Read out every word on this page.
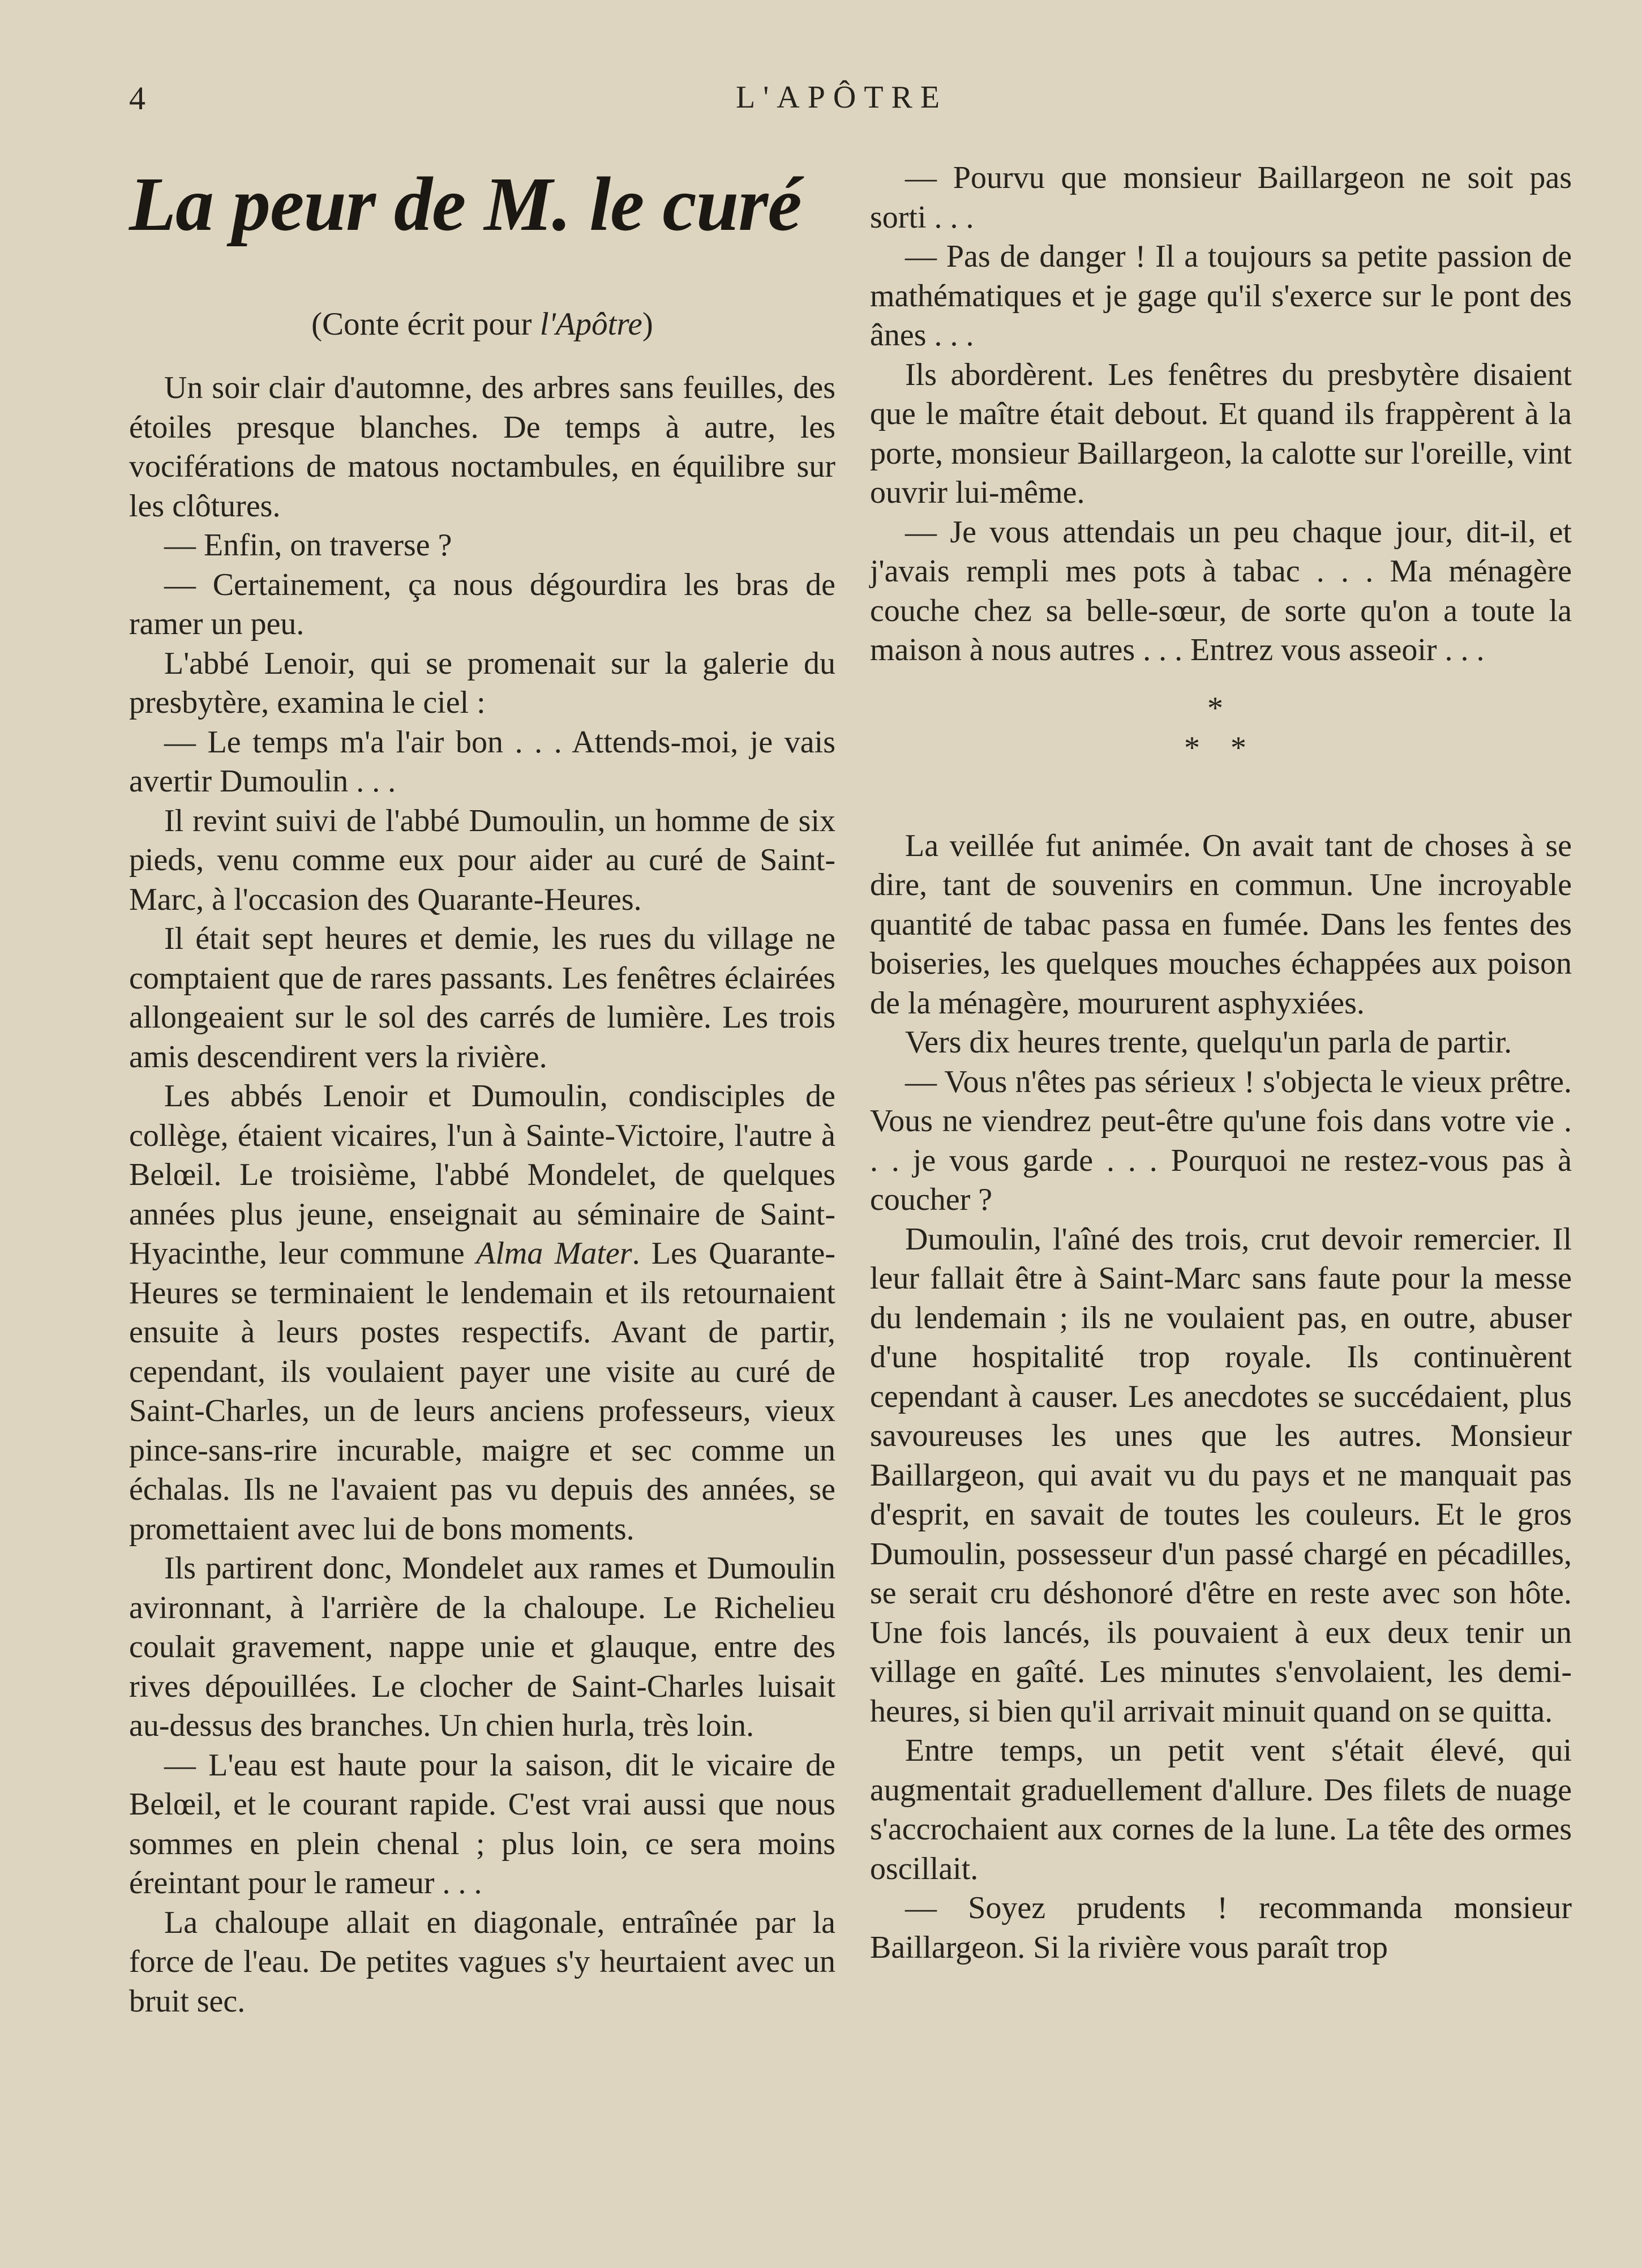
4	L'APÔTRE
La peur de M. le curé
(Conte écrit pour l'Apôtre)

Un soir clair d'automne, des arbres sans feuilles, des étoiles presque blanches. De temps à autre, les vociférations de matous noctambules, en équilibre sur les clôtures.

— Enfin, on traverse ?

— Certainement, ça nous dégourdira les bras de ramer un peu.

L'abbé Lenoir, qui se promenait sur la galerie du presbytère, examina le ciel :

— Le temps m'a l'air bon . . . Attends-moi, je vais avertir Dumoulin . . .

Il revint suivi de l'abbé Dumoulin, un homme de six pieds, venu comme eux pour aider au curé de Saint-Marc, à l'occasion des Quarante-Heures.

Il était sept heures et demie, les rues du village ne comptaient que de rares passants. Les fenêtres éclairées allongeaient sur le sol des carrés de lumière. Les trois amis descendirent vers la rivière.

Les abbés Lenoir et Dumoulin, condisciples de collège, étaient vicaires, l'un à Sainte-Victoire, l'autre à Belœil. Le troisième, l'abbé Mondelet, de quelques années plus jeune, enseignait au séminaire de Saint-Hyacinthe, leur commune Alma Mater. Les Quarante-Heures se terminaient le lendemain et ils retournaient ensuite à leurs postes respectifs. Avant de partir, cependant, ils voulaient payer une visite au curé de Saint-Charles, un de leurs anciens professeurs, vieux pince-sans-rire incurable, maigre et sec comme un échalas. Ils ne l'avaient pas vu depuis des années, se promettaient avec lui de bons moments.

Ils partirent donc, Mondelet aux rames et Dumoulin avironnant, à l'arrière de la chaloupe. Le Richelieu coulait gravement, nappe unie et glauque, entre des rives dépouillées. Le clocher de Saint-Charles luisait au-dessus des branches. Un chien hurla, très loin.

— L'eau est haute pour la saison, dit le vicaire de Belœil, et le courant rapide. C'est vrai aussi que nous sommes en plein chenal ; plus loin, ce sera moins éreintant pour le rameur . . .

La chaloupe allait en diagonale, entraînée par la force de l'eau. De petites vagues s'y heurtaient avec un bruit sec.

— Pourvu que monsieur Baillargeon ne soit pas sorti . . .

— Pas de danger ! Il a toujours sa petite passion de mathématiques et je gage qu'il s'exerce sur le pont des ânes . . .

Ils abordèrent. Les fenêtres du presbytère disaient que le maître était debout. Et quand ils frappèrent à la porte, monsieur Baillargeon, la calotte sur l'oreille, vint ouvrir lui-même.

— Je vous attendais un peu chaque jour, dit-il, et j'avais rempli mes pots à tabac . . . Ma ménagère couche chez sa belle-sœur, de sorte qu'on a toute la maison à nous autres . . . Entrez vous asseoir . . .

*
* *

La veillée fut animée. On avait tant de choses à se dire, tant de souvenirs en commun. Une incroyable quantité de tabac passa en fumée. Dans les fentes des boiseries, les quelques mouches échappées aux poison de la ménagère, moururent asphyxiées.

Vers dix heures trente, quelqu'un parla de partir.

— Vous n'êtes pas sérieux ! s'objecta le vieux prêtre. Vous ne viendrez peut-être qu'une fois dans votre vie . . . je vous garde . . . Pourquoi ne restez-vous pas à coucher ?

Dumoulin, l'aîné des trois, crut devoir remercier. Il leur fallait être à Saint-Marc sans faute pour la messe du lendemain ; ils ne voulaient pas, en outre, abuser d'une hospitalité trop royale. Ils continuèrent cependant à causer. Les anecdotes se succédaient, plus savoureuses les unes que les autres. Monsieur Baillargeon, qui avait vu du pays et ne manquait pas d'esprit, en savait de toutes les couleurs. Et le gros Dumoulin, possesseur d'un passé chargé en pécadilles, se serait cru déshonoré d'être en reste avec son hôte. Une fois lancés, ils pouvaient à eux deux tenir un village en gaîté. Les minutes s'envolaient, les demi-heures, si bien qu'il arrivait minuit quand on se quitta.

Entre temps, un petit vent s'était élevé, qui augmentait graduellement d'allure. Des filets de nuage s'accrochaient aux cornes de la lune. La tête des ormes oscillait.

— Soyez prudents ! recommanda monsieur Baillargeon. Si la rivière vous paraît trop
